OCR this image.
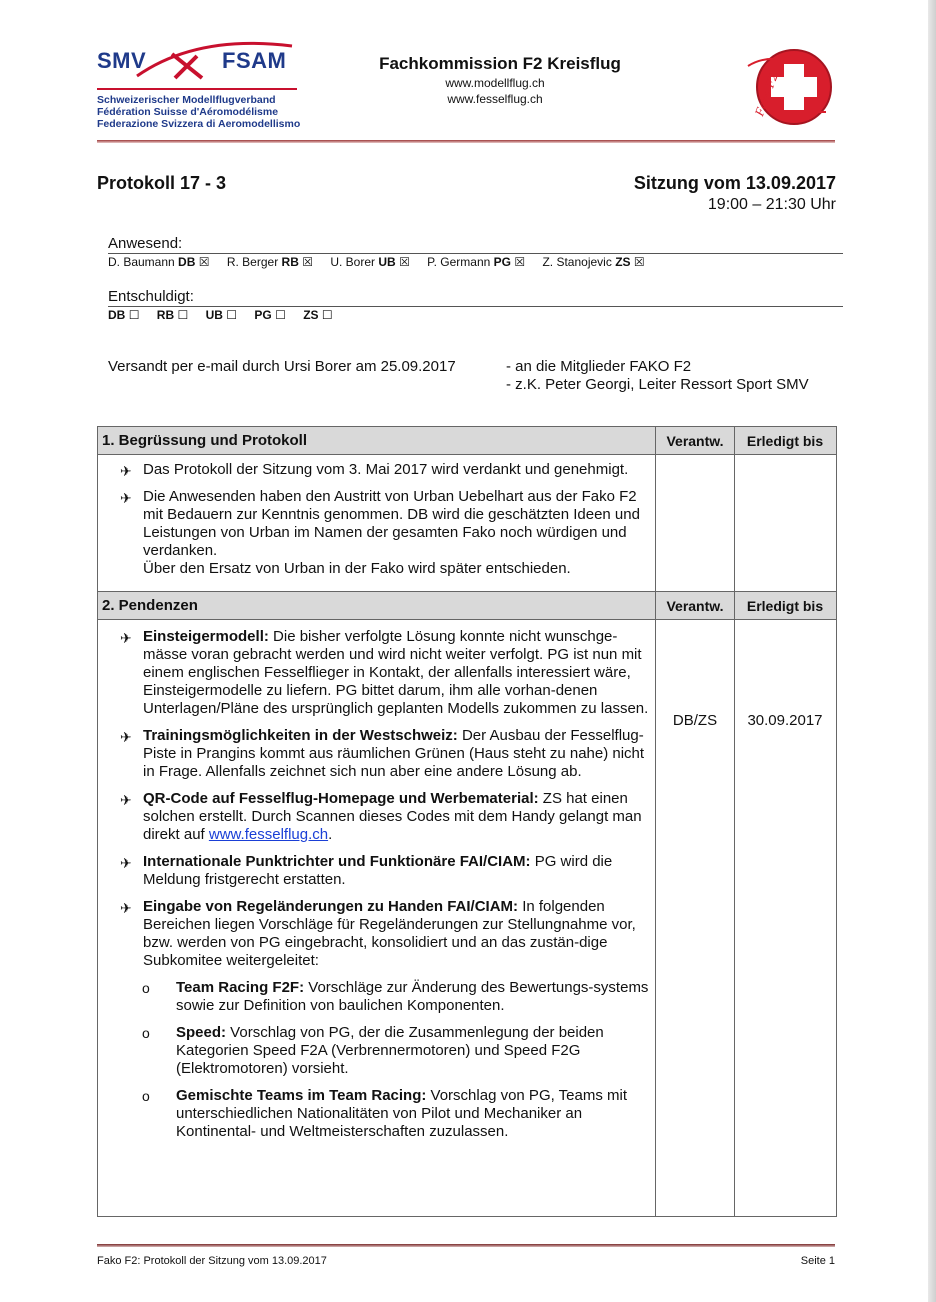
SMV	FSAM
Schweizerischer Modellflugverband
Fédération Suisse d'Aéromodélisme
Federazione Svizzera di Aeromodellismo
Fachkommission F2 Kreisflug
www.modellflug.ch
www.fesselflug.ch	Fako F2
Protokoll 17 - 3	Sitzung vom 13.09.2017
19:00 – 21:30 Uhr
Anwesend:
D. Baumann DB ☒ R. Berger RB ☒ U. Borer UB ☒ P. Germann PG ☒ Z. Stanojevic ZS ☒
Entschuldigt:
DB ☐ RB ☐ UB ☐ PG ☐ ZS ☐
Versandt per e-mail durch Ursi Borer am 25.09.2017	- an die Mitglieder FAKO F2
- z.K. Peter Georgi, Leiter Ressort Sport SMV
1. Begrüssung und Protokoll	Verantw.	Erledigt bis
✈ Das Protokoll der Sitzung vom 3. Mai 2017 wird verdankt und genehmigt.
✈ Die Anwesenden haben den Austritt von Urban Uebelhart aus der Fako F2 mit Bedauern zur Kenntnis genommen. DB wird die geschätzten Ideen und Leistungen von Urban im Namen der gesamten Fako noch würdigen und verdanken.
Über den Ersatz von Urban in der Fako wird später entschieden.
2. Pendenzen	Verantw.	Erledigt bis
DB/ZS	30.09.2017
✈ Einsteigermodell: Die bisher verfolgte Lösung konnte nicht wunschge-mässe voran gebracht werden und wird nicht weiter verfolgt. PG ist nun mit einem englischen Fesselflieger in Kontakt, der allenfalls interessiert wäre, Einsteigermodelle zu liefern. PG bittet darum, ihm alle vorhan-denen Unterlagen/Pläne des ursprünglich geplanten Modells zukommen zu lassen.
✈ Trainingsmöglichkeiten in der Westschweiz: Der Ausbau der Fesselflug-Piste in Prangins kommt aus räumlichen Grünen (Haus steht zu nahe) nicht in Frage. Allenfalls zeichnet sich nun aber eine andere Lösung ab.
✈ QR-Code auf Fesselflug-Homepage und Werbematerial: ZS hat einen solchen erstellt. Durch Scannen dieses Codes mit dem Handy gelangt man direkt auf www.fesselflug.ch.
✈ Internationale Punktrichter und Funktionäre FAI/CIAM: PG wird die Meldung fristgerecht erstatten.
✈ Eingabe von Regeländerungen zu Handen FAI/CIAM: In folgenden Bereichen liegen Vorschläge für Regeländerungen zur Stellungnahme vor, bzw. werden von PG eingebracht, konsolidiert und an das zustän-dige Subkomitee weitergeleitet:
o Team Racing F2F: Vorschläge zur Änderung des Bewertungs-systems sowie zur Definition von baulichen Komponenten.
o Speed: Vorschlag von PG, der die Zusammenlegung der beiden Kategorien Speed F2A (Verbrennermotoren) und Speed F2G (Elektromotoren) vorsieht.
o Gemischte Teams im Team Racing: Vorschlag von PG, Teams mit unterschiedlichen Nationalitäten von Pilot und Mechaniker an Kontinental- und Weltmeisterschaften zuzulassen.
Fako F2: Protokoll der Sitzung vom 13.09.2017	Seite 1
